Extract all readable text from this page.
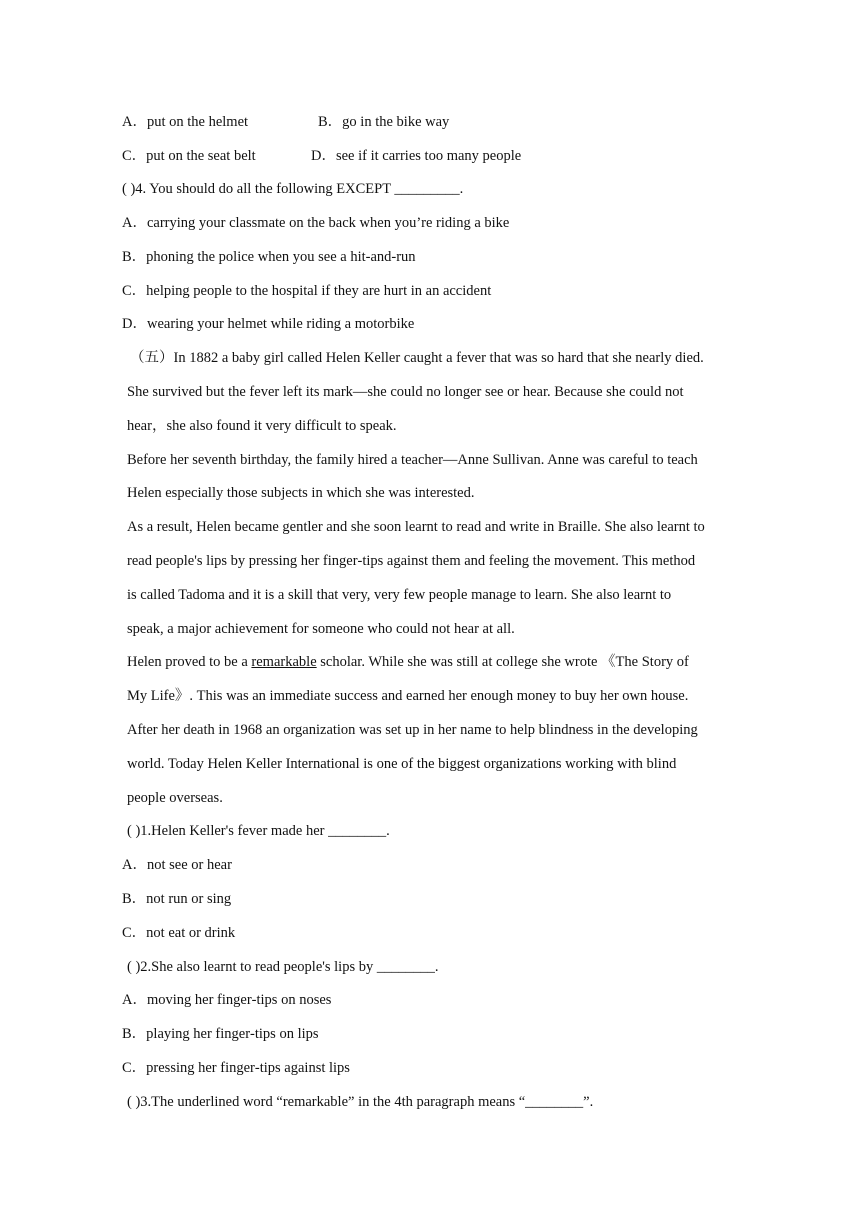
A．put on the helmet	B．go in the bike way
C．put on the seat belt	D．see if it carries too many people
( )4. You should do all the following EXCEPT _________.
A．carrying your classmate on the back when you’re riding a bike
B．phoning the police when you see a hit-and-run
C．helping people to the hospital if they are hurt in an accident
D．wearing your helmet while riding a motorbike
（五）In 1882 a baby girl called Helen Keller caught a fever that was so hard that she nearly died.
She survived but the fever left its mark—she could no longer see or hear. Because she could not
hear，she also found it very difficult to speak.
Before her seventh birthday, the family hired a teacher—Anne Sullivan. Anne was careful to teach
Helen especially those subjects in which she was interested.
As a result, Helen became gentler and she soon learnt to read and write in Braille. She also learnt to
read people's lips by pressing her finger‑tips against them and feeling the movement. This method
is called Tadoma and it is a skill that very, very few people manage to learn. She also learnt to
speak, a major achievement for someone who could not hear at all.
Helen proved to be a remarkable scholar. While she was still at college she wrote 《The Story of
My Life》. This was an immediate success and earned her enough money to buy her own house.
After her death in 1968 an organization was set up in her name to help blindness in the developing
world. Today Helen Keller International is one of the biggest organizations working with blind
people overseas.
( )1.Helen Keller's fever made her ________.
A．not see or hear
B．not run or sing
C．not eat or drink
( )2.She also learnt to read people's lips by ________.
A．moving her finger‑tips on noses
B．playing her finger‑tips on lips
C．pressing her finger‑tips against lips
( )3.The underlined word “remarkable” in the 4th paragraph means “________”.
